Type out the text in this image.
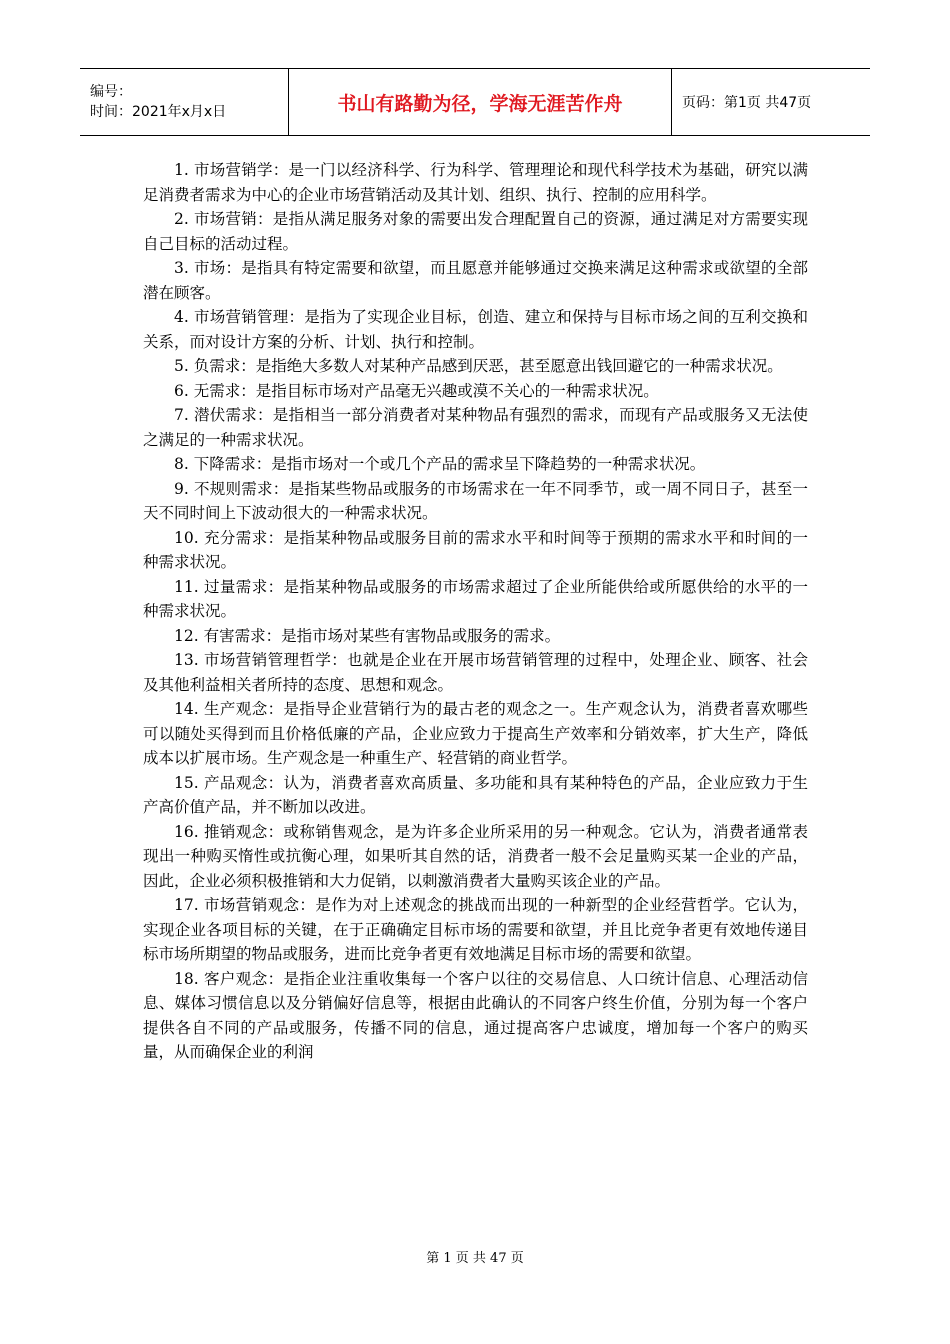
编号：
时间：2021年x月x日	书山有路勤为径，学海无涯苦作舟	页码：第1页 共47页

1. 市场营销学：是一门以经济科学、行为科学、管理理论和现代科学技术为基础，研究以满足消费者需求为中心的企业市场营销活动及其计划、组织、执行、控制的应用科学。

2. 市场营销：是指从满足服务对象的需要出发合理配置自己的资源，通过满足对方需要实现自己目标的活动过程。

3. 市场：是指具有特定需要和欲望，而且愿意并能够通过交换来满足这种需求或欲望的全部潜在顾客。

4. 市场营销管理：是指为了实现企业目标，创造、建立和保持与目标市场之间的互利交换和关系，而对设计方案的分析、计划、执行和控制。

5. 负需求：是指绝大多数人对某种产品感到厌恶，甚至愿意出钱回避它的一种需求状况。

6. 无需求：是指目标市场对产品毫无兴趣或漠不关心的一种需求状况。

7. 潜伏需求：是指相当一部分消费者对某种物品有强烈的需求，而现有产品或服务又无法使之满足的一种需求状况。

8. 下降需求：是指市场对一个或几个产品的需求呈下降趋势的一种需求状况。

9. 不规则需求：是指某些物品或服务的市场需求在一年不同季节，或一周不同日子，甚至一天不同时间上下波动很大的一种需求状况。

10. 充分需求：是指某种物品或服务目前的需求水平和时间等于预期的需求水平和时间的一种需求状况。

11. 过量需求：是指某种物品或服务的市场需求超过了企业所能供给或所愿供给的水平的一种需求状况。

12. 有害需求：是指市场对某些有害物品或服务的需求。

13. 市场营销管理哲学：也就是企业在开展市场营销管理的过程中，处理企业、顾客、社会及其他利益相关者所持的态度、思想和观念。

14. 生产观念：是指导企业营销行为的最古老的观念之一。生产观念认为，消费者喜欢哪些可以随处买得到而且价格低廉的产品，企业应致力于提高生产效率和分销效率，扩大生产，降低成本以扩展市场。生产观念是一种重生产、轻营销的商业哲学。

15. 产品观念：认为，消费者喜欢高质量、多功能和具有某种特色的产品，企业应致力于生产高价值产品，并不断加以改进。

16. 推销观念：或称销售观念，是为许多企业所采用的另一种观念。它认为，消费者通常表现出一种购买惰性或抗衡心理，如果听其自然的话，消费者一般不会足量购买某一企业的产品，因此，企业必须积极推销和大力促销，以刺激消费者大量购买该企业的产品。

17. 市场营销观念：是作为对上述观念的挑战而出现的一种新型的企业经营哲学。它认为，实现企业各项目标的关键，在于正确确定目标市场的需要和欲望，并且比竞争者更有效地传递目标市场所期望的物品或服务，进而比竞争者更有效地满足目标市场的需要和欲望。

18. 客户观念：是指企业注重收集每一个客户以往的交易信息、人口统计信息、心理活动信息、媒体习惯信息以及分销偏好信息等，根据由此确认的不同客户终生价值，分别为每一个客户提供各自不同的产品或服务，传播不同的信息，通过提高客户忠诚度，增加每一个客户的购买量，从而确保企业的利润

第 1 页 共 47 页
